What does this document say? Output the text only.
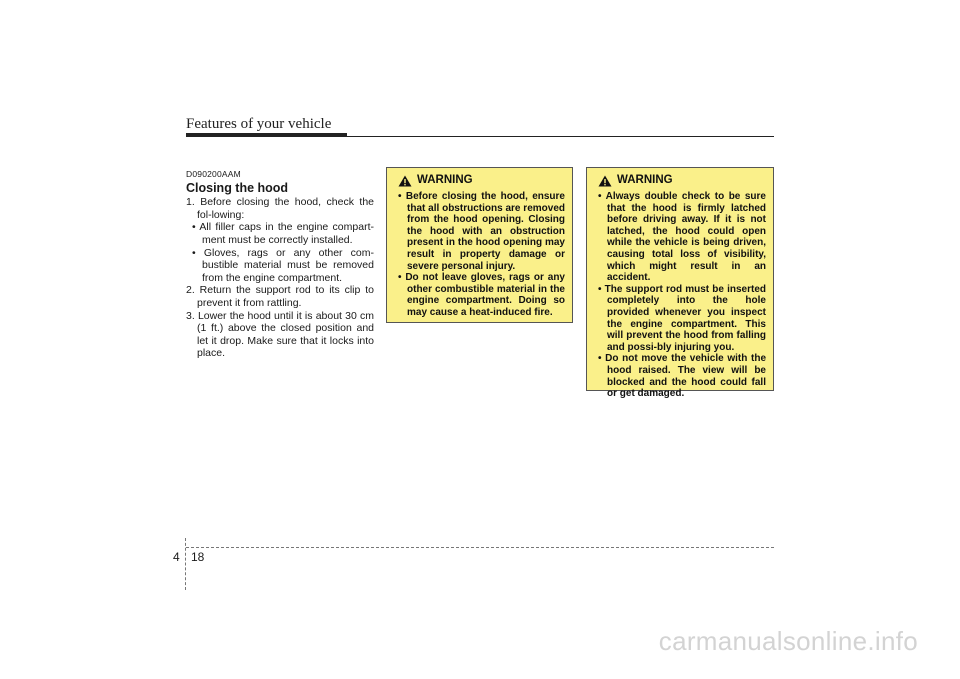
Features of your vehicle
D090200AAM
Closing the hood
1. Before closing the hood, check the fol-lowing:
• All filler caps in the engine compart-ment must be correctly installed.
• Gloves, rags or any other com-bustible material must be removed from the engine compartment.
2. Return the support rod to its clip to prevent it from rattling.
3. Lower the hood until it is about 30 cm (1 ft.) above the closed position and let it drop. Make sure that it locks into place.
WARNING
• Before closing the hood, ensure that all obstructions are removed from the hood opening. Closing the hood with an obstruction present in the hood opening may result in property damage or severe personal injury.
• Do not leave gloves, rags or any other combustible material in the engine compartment. Doing so may cause a heat-induced fire.
WARNING
• Always double check to be sure that the hood is firmly latched before driving away. If it is not latched, the hood could open while the vehicle is being driven, causing total loss of visibility, which might result in an accident.
• The support rod must be inserted completely into the hole provided whenever you inspect the engine compartment. This will prevent the hood from falling and possi-bly injuring you.
• Do not move the vehicle with the hood raised. The view will be blocked and the hood could fall or get damaged.
4 18
carmanualsonline.info
